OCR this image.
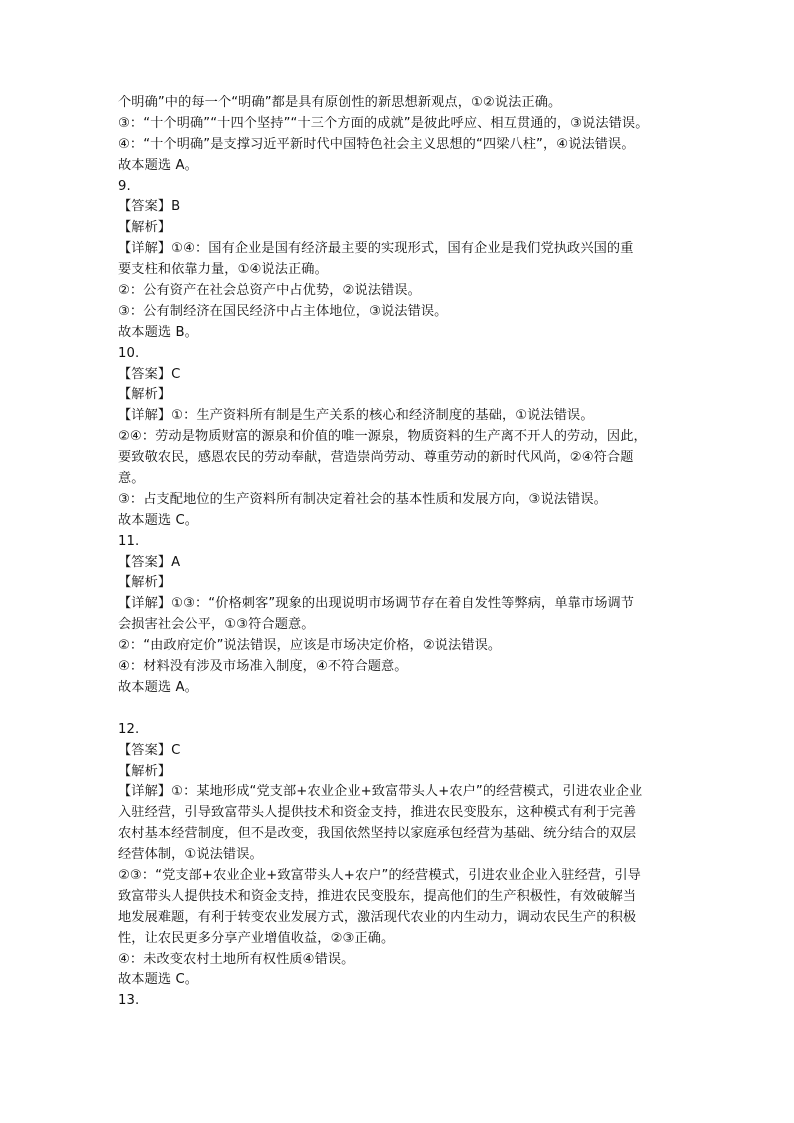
个明确”中的每一个“明确”都是具有原创性的新思想新观点，①②说法正确。
③：“十个明确”“十四个坚持”“十三个方面的成就”是彼此呼应、相互贯通的，③说法错误。
④：“十个明确”是支撑习近平新时代中国特色社会主义思想的“四梁八柱”，④说法错误。
故本题选 A。
9.
【答案】B
【解析】
【详解】①④：国有企业是国有经济最主要的实现形式，国有企业是我们党执政兴国的重
要支柱和依靠力量，①④说法正确。
②：公有资产在社会总资产中占优势，②说法错误。
③：公有制经济在国民经济中占主体地位，③说法错误。
故本题选 B。
10.
【答案】C
【解析】
【详解】①：生产资料所有制是生产关系的核心和经济制度的基础，①说法错误。
②④：劳动是物质财富的源泉和价值的唯一源泉，物质资料的生产离不开人的劳动，因此，
要致敬农民，感恩农民的劳动奉献，营造崇尚劳动、尊重劳动的新时代风尚，②④符合题
意。
③：占支配地位的生产资料所有制决定着社会的基本性质和发展方向，③说法错误。
故本题选 C。
11.
【答案】A
【解析】
【详解】①③：“价格刺客”现象的出现说明市场调节存在着自发性等弊病，单靠市场调节
会损害社会公平，①③符合题意。
②：“由政府定价”说法错误，应该是市场决定价格，②说法错误。
④：材料没有涉及市场准入制度，④不符合题意。
故本题选 A。
12.
【答案】C
【解析】
【详解】①：某地形成“党支部+农业企业+致富带头人+农户”的经营模式，引进农业企业
入驻经营，引导致富带头人提供技术和资金支持，推进农民变股东，这种模式有利于完善
农村基本经营制度，但不是改变，我国依然坚持以家庭承包经营为基础、统分结合的双层
经营体制，①说法错误。
②③：“党支部+农业企业+致富带头人+农户”的经营模式，引进农业企业入驻经营，引导
致富带头人提供技术和资金支持，推进农民变股东，提高他们的生产积极性，有效破解当
地发展难题，有利于转变农业发展方式，激活现代农业的内生动力，调动农民生产的积极
性，让农民更多分享产业增值收益，②③正确。
④：未改变农村土地所有权性质④错误。
故本题选 C。
13.
